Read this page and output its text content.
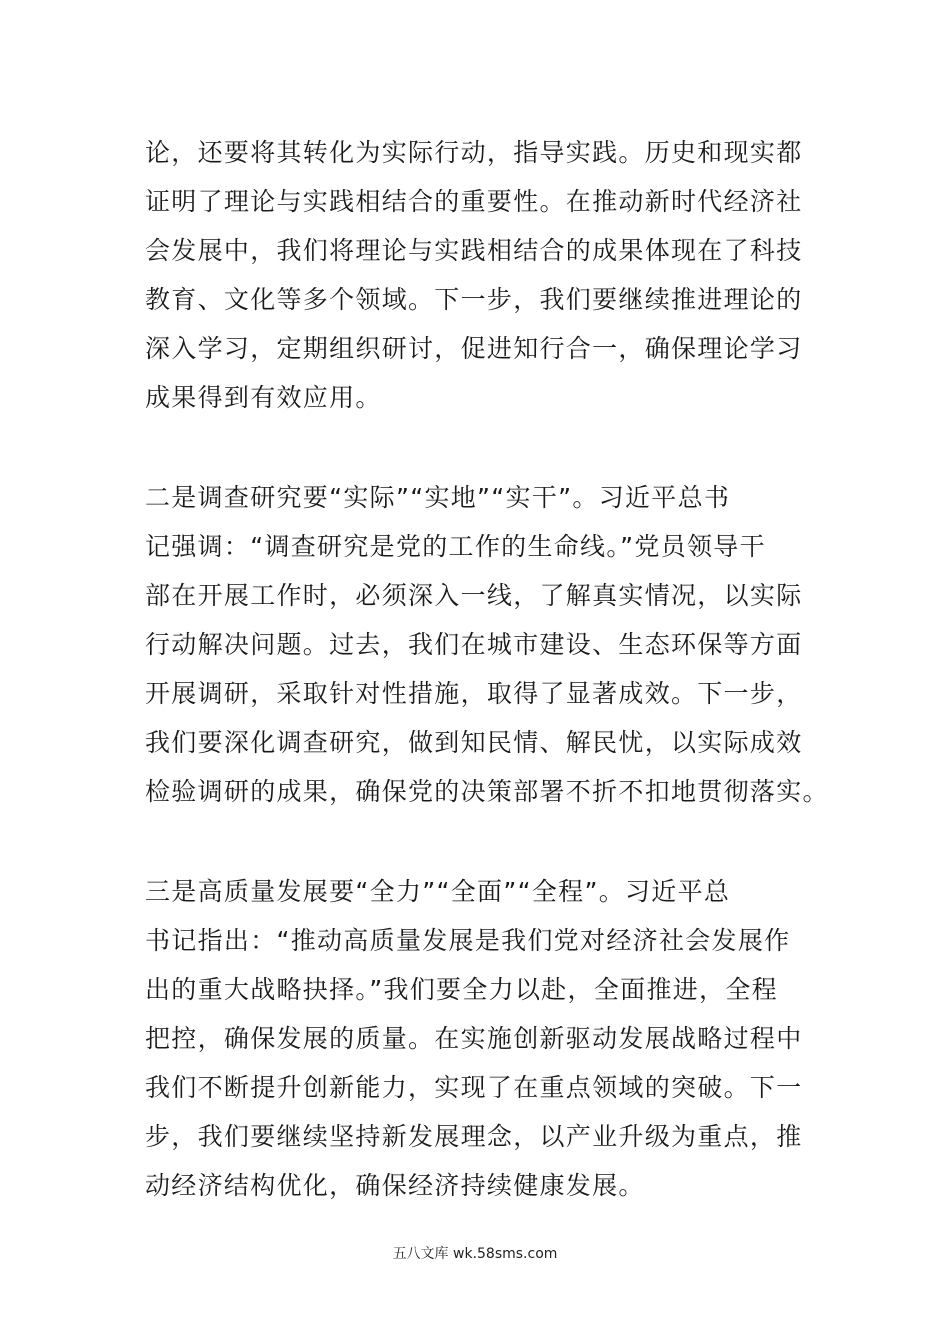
论，还要将其转化为实际行动，指导实践。历史和现实都
证明了理论与实践相结合的重要性。在推动新时代经济社
会发展中，我们将理论与实践相结合的成果体现在了科技
教育、文化等多个领域。下一步，我们要继续推进理论的
深入学习，定期组织研讨，促进知行合一，确保理论学习
成果得到有效应用。
二是调查研究要“实际”“实地”“实干”。习近平总书
记强调：“调查研究是党的工作的生命线。”党员领导干
部在开展工作时，必须深入一线，了解真实情况，以实际
行动解决问题。过去，我们在城市建设、生态环保等方面
开展调研，采取针对性措施，取得了显著成效。下一步，
我们要深化调查研究，做到知民情、解民忧，以实际成效
检验调研的成果，确保党的决策部署不折不扣地贯彻落实。
三是高质量发展要“全力”“全面”“全程”。习近平总
书记指出：“推动高质量发展是我们党对经济社会发展作
出的重大战略抉择。”我们要全力以赴，全面推进，全程
把控，确保发展的质量。在实施创新驱动发展战略过程中
我们不断提升创新能力，实现了在重点领域的突破。下一
步，我们要继续坚持新发展理念，以产业升级为重点，推
动经济结构优化，确保经济持续健康发展。
五八文库 wk.58sms.com
